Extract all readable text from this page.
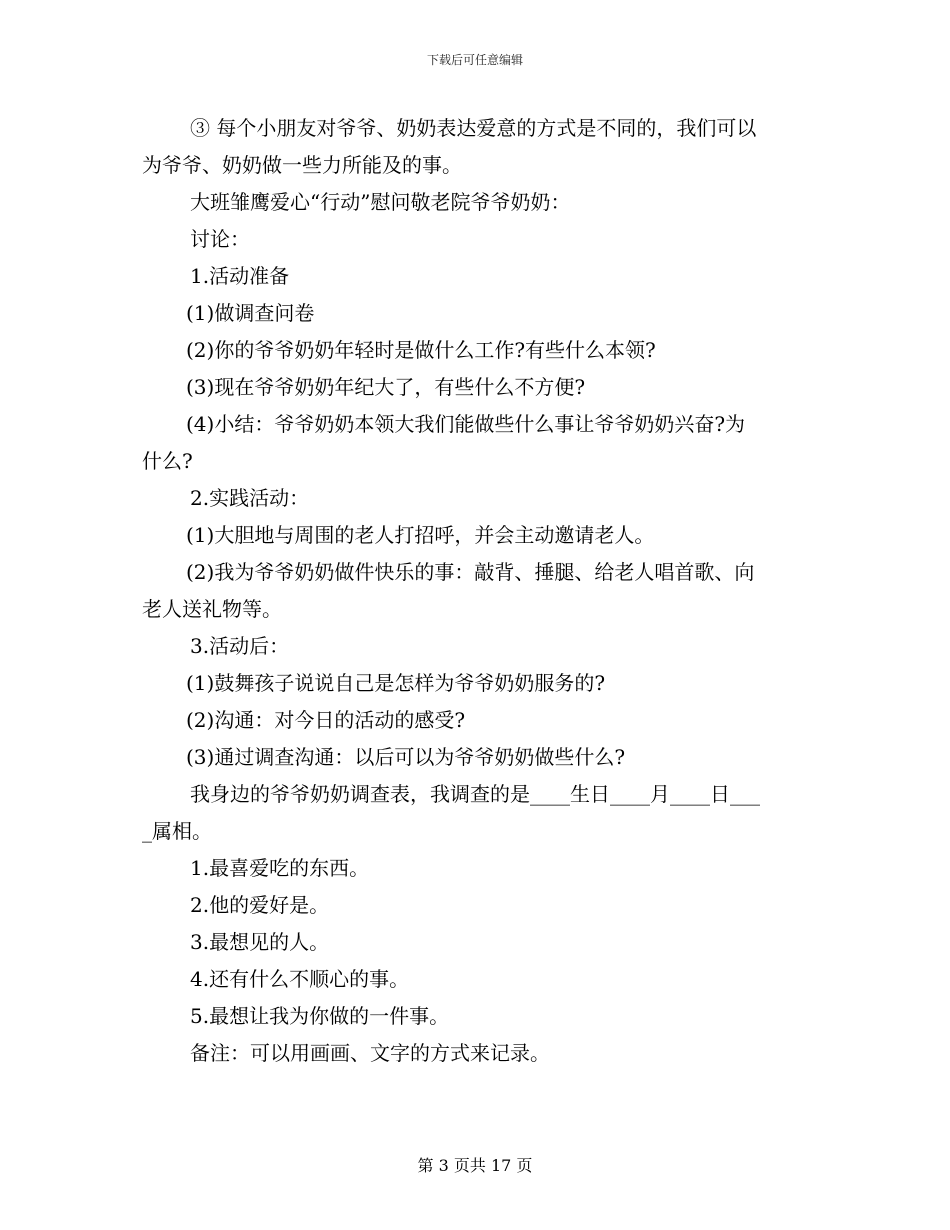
下载后可任意编辑
③ 每个小朋友对爷爷、奶奶表达爱意的方式是不同的，我们可以
为爷爷、奶奶做一些力所能及的事。
大班雏鹰爱心“行动”慰问敬老院爷爷奶奶：
讨论：
1.活动准备
(1)做调查问卷
(2)你的爷爷奶奶年轻时是做什么工作?有些什么本领?
(3)现在爷爷奶奶年纪大了，有些什么不方便?
(4)小结：爷爷奶奶本领大我们能做些什么事让爷爷奶奶兴奋?为
什么?
2.实践活动：
(1)大胆地与周围的老人打招呼，并会主动邀请老人。
(2)我为爷爷奶奶做件快乐的事：敲背、捶腿、给老人唱首歌、向
老人送礼物等。
3.活动后：
(1)鼓舞孩子说说自己是怎样为爷爷奶奶服务的?
(2)沟通：对今日的活动的感受?
(3)通过调查沟通：以后可以为爷爷奶奶做些什么?
我身边的爷爷奶奶调查表，我调查的是____生日____月____日___
_属相。
1.最喜爱吃的东西。
2.他的爱好是。
3.最想见的人。
4.还有什么不顺心的事。
5.最想让我为你做的一件事。
备注：可以用画画、文字的方式来记录。
第 3 页共 17 页
